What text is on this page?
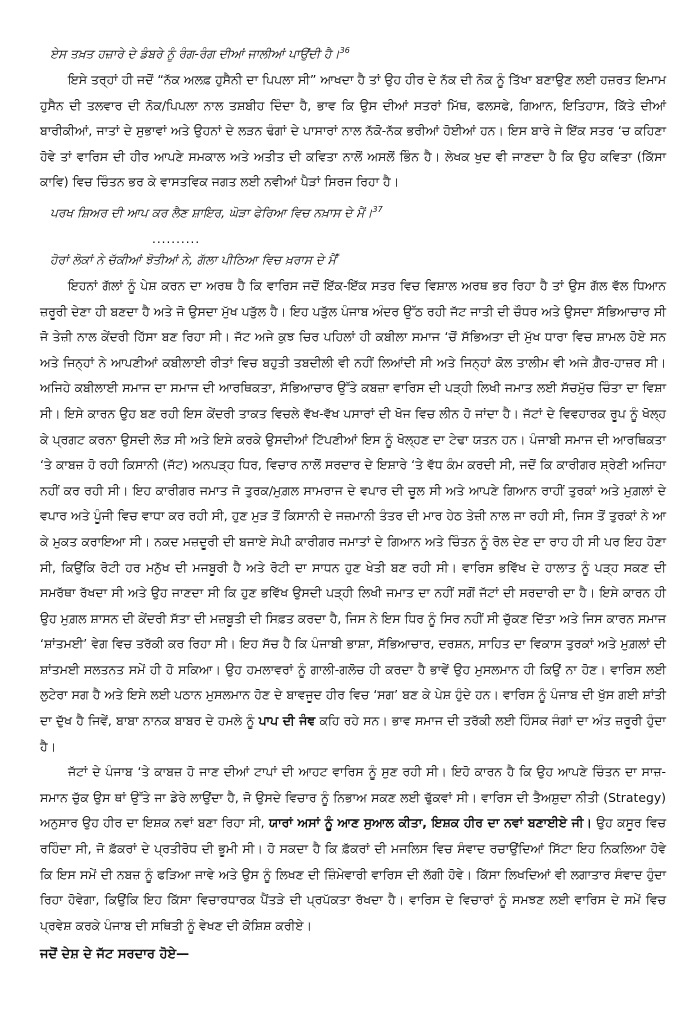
ਏਸ ਤਖ਼ਤ ਹਜ਼ਾਰੇ ਦੇ ਡੰਬਰੇ ਨੂੰ ਰੰਗ-ਰੰਗ ਦੀਆਂ ਜਾਲੀਆਂ ਪਾਉਂਦੀ ਹੈ।$^{36}$

ਇਸੇ ਤਰ੍ਹਾਂ ਹੀ ਜਦੋਂ “ਨੱਕ ਅਲਫ਼ ਹੁਸੈਨੀ ਦਾ ਪਿਪਲਾ ਸੀ” ਆਖਦਾ ਹੈ ਤਾਂ ਉਹ ਹੀਰ ਦੇ ਨੱਕ ਦੀ ਨੋਕ ਨੂੰ ਤਿੱਖਾ ਬਣਾਉਣ ਲਈ ਹਜ਼ਰਤ ਇਮਾਮ ਹੁਸੈਨ ਦੀ ਤਲਵਾਰ ਦੀ ਨੋਕ/ਪਿਪਲਾ ਨਾਲ ਤਸ਼ਬੀਹ ਦਿੰਦਾ ਹੈ, ਭਾਵ ਕਿ ਉਸ ਦੀਆਂ ਸਤਰਾਂ ਮਿੱਥ, ਫਲਸਫੇ, ਗਿਆਨ, ਇਤਿਹਾਸ, ਕਿੱਤੇ ਦੀਆਂ ਬਾਰੀਕੀਆਂ, ਜਾਤਾਂ ਦੇ ਸੁਭਾਵਾਂ ਅਤੇ ਉਹਨਾਂ ਦੇ ਲੜਨ ਢੰਗਾਂ ਦੇ ਪਾਸਾਰਾਂ ਨਾਲ ਨੱਕੋ-ਨੱਕ ਭਰੀਆਂ ਹੋਈਆਂ ਹਨ। ਇਸ ਬਾਰੇ ਜੇ ਇੱਕ ਸਤਰ ‘ਚ ਕਹਿਣਾ ਹੋਵੇ ਤਾਂ ਵਾਰਿਸ ਦੀ ਹੀਰ ਆਪਣੇ ਸਮਕਾਲ ਅਤੇ ਅਤੀਤ ਦੀ ਕਵਿਤਾ ਨਾਲੋਂ ਅਸਲੋਂ ਭਿੰਨ ਹੈ। ਲੇਖਕ ਖੁਦ ਵੀ ਜਾਣਦਾ ਹੈ ਕਿ ਉਹ ਕਵਿਤਾ (ਕਿੱਸਾ ਕਾਵਿ) ਵਿਚ ਚਿੰਤਨ ਭਰ ਕੇ ਵਾਸਤਵਿਕ ਜਗਤ ਲਈ ਨਵੀਆਂ ਪੈੜਾਂ ਸਿਰਜ ਰਿਹਾ ਹੈ।

ਪਰਖ ਸ਼ਿਅਰ ਦੀ ਆਪ ਕਰ ਲੈਣ ਸ਼ਾਇਰ, ਘੋੜਾ ਫੇਰਿਆ ਵਿਚ ਨਖ਼ਾਸ ਦੇ ਮੈਂ।$^{37}$

..........

ਹੋਰਾਂ ਲੋਕਾਂ ਨੇ ਚੱਕੀਆਂ ਝੋਤੀਆਂ ਨੇ, ਗੱਲਾ ਪੀਠਿਆ ਵਿਚ ਖ਼ਰਾਸ ਦੇ ਮੈਂ*

ਇਹਨਾਂ ਗੱਲਾਂ ਨੂੰ ਪੇਸ਼ ਕਰਨ ਦਾ ਅਰਥ ਹੈ ਕਿ ਵਾਰਿਸ ਜਦੋਂ ਇੱਕ-ਇੱਕ ਸਤਰ ਵਿਚ ਵਿਸ਼ਾਲ ਅਰਥ ਭਰ ਰਿਹਾ ਹੈ ਤਾਂ ਉਸ ਗੱਲ ਵੱਲ ਧਿਆਨ ਜ਼ਰੂਰੀ ਦੇਣਾ ਹੀ ਬਣਦਾ ਹੈ ਅਤੇ ਜੋ ਉਸਦਾ ਮੁੱਖ ਪੜੁੱਲ ਹੈ। ਇਹ ਪੜੁੱਲ ਪੰਜਾਬ ਅੰਦਰ ਉੱਠ ਰਹੀ ਜੱਟ ਜਾਤੀ ਦੀ ਚੌਧਰ ਅਤੇ ਉਸਦਾ ਸੱਭਿਆਚਾਰ ਸੀ ਜੋ ਤੇਜ਼ੀ ਨਾਲ ਕੇਂਦਰੀ ਹਿੱਸਾ ਬਣ ਰਿਹਾ ਸੀ। ਜੱਟ ਅਜੇ ਕੁਝ ਚਿਰ ਪਹਿਲਾਂ ਹੀ ਕਬੀਲਾ ਸਮਾਜ ‘ਚੋਂ ਸੱਭਿਅਤਾ ਦੀ ਮੁੱਖ ਧਾਰਾ ਵਿਚ ਸ਼ਾਮਲ ਹੋਏ ਸਨ ਅਤੇ ਜਿਨ੍ਹਾਂ ਨੇ ਆਪਣੀਆਂ ਕਬੀਲਾਈ ਰੀਤਾਂ ਵਿਚ ਬਹੁਤੀ ਤਬਦੀਲੀ ਵੀ ਨਹੀਂ ਲਿਆਂਦੀ ਸੀ ਅਤੇ ਜਿਨ੍ਹਾਂ ਕੋਲ ਤਾਲੀਮ ਵੀ ਅਜੇ ਗ਼ੈਰ-ਹਾਜ਼ਰ ਸੀ। ਅਜਿਹੇ ਕਬੀਲਾਈ ਸਮਾਜ ਦਾ ਸਮਾਜ ਦੀ ਆਰਥਿਕਤਾ, ਸੱਭਿਆਚਾਰ ਉੱਤੇ ਕਬਜ਼ਾ ਵਾਰਿਸ ਦੀ ਪੜ੍ਹੀ ਲਿਖੀ ਜਮਾਤ ਲਈ ਸੱਚਮੁੱਚ ਚਿੰਤਾ ਦਾ ਵਿਸ਼ਾ ਸੀ। ਇਸੇ ਕਾਰਨ ਉਹ ਬਣ ਰਹੀ ਇਸ ਕੇਂਦਰੀ ਤਾਕਤ ਵਿਚਲੇ ਵੱਖ-ਵੱਖ ਪਸਾਰਾਂ ਦੀ ਖੋਜ ਵਿਚ ਲੀਨ ਹੋ ਜਾਂਦਾ ਹੈ। ਜੱਟਾਂ ਦੇ ਵਿਵਹਾਰਕ ਰੂਪ ਨੂੰ ਖੋਲ੍ਹ ਕੇ ਪ੍ਰਗਟ ਕਰਨਾ ਉਸਦੀ ਲੋੜ ਸੀ ਅਤੇ ਇਸੇ ਕਰਕੇ ਉਸਦੀਆਂ ਟਿੱਪਣੀਆਂ ਇਸ ਨੂੰ ਖੋਲ੍ਹਣ ਦਾ ਟੇਢਾ ਯਤਨ ਹਨ। ਪੰਜਾਬੀ ਸਮਾਜ ਦੀ ਆਰਥਿਕਤਾ ‘ਤੇ ਕਾਬਜ਼ ਹੋ ਰਹੀ ਕਿਸਾਨੀ (ਜੱਟ) ਅਨਪੜ੍ਹ ਧਿਰ, ਵਿਚਾਰ ਨਾਲੋਂ ਸਰਦਾਰ ਦੇ ਇਸ਼ਾਰੇ ‘ਤੇ ਵੱਧ ਕੰਮ ਕਰਦੀ ਸੀ, ਜਦੋਂ ਕਿ ਕਾਰੀਗਰ ਸ਼੍ਰੇਣੀ ਅਜਿਹਾ ਨਹੀਂ ਕਰ ਰਹੀ ਸੀ। ਇਹ ਕਾਰੀਗਰ ਜਮਾਤ ਜੋ ਤੁਰਕ/ਮੁਗ਼ਲ ਸਾਮਰਾਜ ਦੇ ਵਪਾਰ ਦੀ ਚੂਲ ਸੀ ਅਤੇ ਆਪਣੇ ਗਿਆਨ ਰਾਹੀਂ ਤੁਰਕਾਂ ਅਤੇ ਮੁਗ਼ਲਾਂ ਦੇ ਵਪਾਰ ਅਤੇ ਪੂੰਜੀ ਵਿਚ ਵਾਧਾ ਕਰ ਰਹੀ ਸੀ, ਹੁਣ ਮੁੜ ਤੋਂ ਕਿਸਾਨੀ ਦੇ ਜਜ਼ਮਾਨੀ ਤੰਤਰ ਦੀ ਮਾਰ ਹੇਠ ਤੇਜ਼ੀ ਨਾਲ ਜਾ ਰਹੀ ਸੀ, ਜਿਸ ਤੋਂ ਤੁਰਕਾਂ ਨੇ ਆ ਕੇ ਮੁਕਤ ਕਰਾਇਆ ਸੀ। ਨਕਦ ਮਜ਼ਦੂਰੀ ਦੀ ਬਜਾਏ ਸੇਪੀ ਕਾਰੀਗਰ ਜਮਾਤਾਂ ਦੇ ਗਿਆਨ ਅਤੇ ਚਿੰਤਨ ਨੂੰ ਰੋਲ ਦੇਣ ਦਾ ਰਾਹ ਹੀ ਸੀ ਪਰ ਇਹ ਹੋਣਾ ਸੀ, ਕਿਉਂਕਿ ਰੋਟੀ ਹਰ ਮਨੁੱਖ ਦੀ ਮਜਬੂਰੀ ਹੈ ਅਤੇ ਰੋਟੀ ਦਾ ਸਾਧਨ ਹੁਣ ਖੇਤੀ ਬਣ ਰਹੀ ਸੀ। ਵਾਰਿਸ ਭਵਿੱਖ ਦੇ ਹਾਲਾਤ ਨੂੰ ਪੜ੍ਹ ਸਕਣ ਦੀ ਸਮਰੱਥਾ ਰੱਖਦਾ ਸੀ ਅਤੇ ਉਹ ਜਾਣਦਾ ਸੀ ਕਿ ਹੁਣ ਭਵਿੱਖ ਉਸਦੀ ਪੜ੍ਹੀ ਲਿਖੀ ਜਮਾਤ ਦਾ ਨਹੀਂ ਸਗੋਂ ਜੱਟਾਂ ਦੀ ਸਰਦਾਰੀ ਦਾ ਹੈ। ਇਸੇ ਕਾਰਨ ਹੀ ਉਹ ਮੁਗ਼ਲ ਸ਼ਾਸਨ ਦੀ ਕੇਂਦਰੀ ਸੱਤਾ ਦੀ ਮਜ਼ਬੂਤੀ ਦੀ ਸਿਫ਼ਤ ਕਰਦਾ ਹੈ, ਜਿਸ ਨੇ ਇਸ ਧਿਰ ਨੂੰ ਸਿਰ ਨਹੀਂ ਸੀ ਚੁੱਕਣ ਦਿੱਤਾ ਅਤੇ ਜਿਸ ਕਾਰਨ ਸਮਾਜ ‘ਸ਼ਾਂਤਮਈ’ ਵੇਗ ਵਿਚ ਤਰੱਕੀ ਕਰ ਰਿਹਾ ਸੀ। ਇਹ ਸੱਚ ਹੈ ਕਿ ਪੰਜਾਬੀ ਭਾਸ਼ਾ, ਸੱਭਿਆਚਾਰ, ਦਰਸ਼ਨ, ਸਾਹਿਤ ਦਾ ਵਿਕਾਸ ਤੁਰਕਾਂ ਅਤੇ ਮੁਗ਼ਲਾਂ ਦੀ ਸ਼ਾਂਤਮਈ ਸਲਤਨਤ ਸਮੇਂ ਹੀ ਹੋ ਸਕਿਆ। ਉਹ ਹਮਲਾਵਰਾਂ ਨੂੰ ਗਾਲੀ-ਗਲੋਚ ਹੀ ਕਰਦਾ ਹੈ ਭਾਵੇਂ ਉਹ ਮੁਸਲਮਾਨ ਹੀ ਕਿਉਂ ਨਾ ਹੋਣ। ਵਾਰਿਸ ਲਈ ਲੁਟੇਰਾ ਸਗ ਹੈ ਅਤੇ ਇਸੇ ਲਈ ਪਠਾਨ ਮੁਸਲਮਾਨ ਹੋਣ ਦੇ ਬਾਵਜੂਦ ਹੀਰ ਵਿਚ ‘ਸਗ’ ਬਣ ਕੇ ਪੇਸ਼ ਹੁੰਦੇ ਹਨ। ਵਾਰਿਸ ਨੂੰ ਪੰਜਾਬ ਦੀ ਖੁੱਸ ਗਈ ਸ਼ਾਂਤੀ ਦਾ ਦੁੱਖ ਹੈ ਜਿਵੇਂ, ਬਾਬਾ ਨਾਨਕ ਬਾਬਰ ਦੇ ਹਮਲੇ ਨੂੰ ਪਾਪ ਦੀ ਜੰਞ ਕਹਿ ਰਹੇ ਸਨ। ਭਾਵ ਸਮਾਜ ਦੀ ਤਰੱਕੀ ਲਈ ਹਿੰਸਕ ਜੰਗਾਂ ਦਾ ਅੰਤ ਜ਼ਰੂਰੀ ਹੁੰਦਾ ਹੈ।

ਜੱਟਾਂ ਦੇ ਪੰਜਾਬ ‘ਤੇ ਕਾਬਜ਼ ਹੋ ਜਾਣ ਦੀਆਂ ਟਾਪਾਂ ਦੀ ਆਹਟ ਵਾਰਿਸ ਨੂੰ ਸੁਣ ਰਹੀ ਸੀ। ਇਹੋ ਕਾਰਨ ਹੈ ਕਿ ਉਹ ਆਪਣੇ ਚਿੰਤਨ ਦਾ ਸਾਜ਼-ਸਮਾਨ ਚੁੱਕ ਉਸ ਥਾਂ ਉੱਤੇ ਜਾ ਡੇਰੇ ਲਾਉਂਦਾ ਹੈ, ਜੋ ਉਸਦੇ ਵਿਚਾਰ ਨੂੰ ਨਿਭਾਅ ਸਕਣ ਲਈ ਢੁੱਕਵਾਂ ਸੀ। ਵਾਰਿਸ ਦੀ ਤੈਅਸ਼ੁਦਾ ਨੀਤੀ (Strategy) ਅਨੁਸਾਰ ਉਹ ਹੀਰ ਦਾ ਇਸ਼ਕ ਨਵਾਂ ਬਣਾ ਰਿਹਾ ਸੀ, ਯਾਰਾਂ ਅਸਾਂ ਨੂੰ ਆਣ ਸੁਆਲ ਕੀਤਾ, ਇਸ਼ਕ ਹੀਰ ਦਾ ਨਵਾਂ ਬਣਾਈਏ ਜੀ। ਉਹ ਕਸੂਰ ਵਿਚ ਰਹਿੰਦਾ ਸੀ, ਜੋ ਫ਼ੱਕਰਾਂ ਦੇ ਪ੍ਰਤੀਰੋਧ ਦੀ ਭੂਮੀ ਸੀ। ਹੋ ਸਕਦਾ ਹੈ ਕਿ ਫ਼ੱਕਰਾਂ ਦੀ ਮਜਲਿਸ ਵਿਚ ਸੰਵਾਦ ਰਚਾਉਂਦਿਆਂ ਸਿੱਟਾ ਇਹ ਨਿਕਲਿਆ ਹੋਵੇ ਕਿ ਇਸ ਸਮੇਂ ਦੀ ਨਬਜ਼ ਨੂੰ ਫੜਿਆ ਜਾਵੇ ਅਤੇ ਉਸ ਨੂੰ ਲਿਖਣ ਦੀ ਜ਼ਿੰਮੇਵਾਰੀ ਵਾਰਿਸ ਦੀ ਲੱਗੀ ਹੋਵੇ। ਕਿੱਸਾ ਲਿਖਦਿਆਂ ਵੀ ਲਗਾਤਾਰ ਸੰਵਾਦ ਹੁੰਦਾ ਰਿਹਾ ਹੋਵੇਗਾ, ਕਿਉਂਕਿ ਇਹ ਕਿੱਸਾ ਵਿਚਾਰਧਾਰਕ ਪੈਂਤੜੇ ਦੀ ਪ੍ਰਪੱਕਤਾ ਰੱਖਦਾ ਹੈ। ਵਾਰਿਸ ਦੇ ਵਿਚਾਰਾਂ ਨੂੰ ਸਮਝਣ ਲਈ ਵਾਰਿਸ ਦੇ ਸਮੇਂ ਵਿਚ ਪ੍ਰਵੇਸ਼ ਕਰਕੇ ਪੰਜਾਬ ਦੀ ਸਥਿਤੀ ਨੂੰ ਵੇਖਣ ਦੀ ਕੋਸ਼ਿਸ਼ ਕਰੀਏ।

ਜਦੋਂ ਦੇਸ਼ ਦੇ ਜੱਟ ਸਰਦਾਰ ਹੋਏ—
